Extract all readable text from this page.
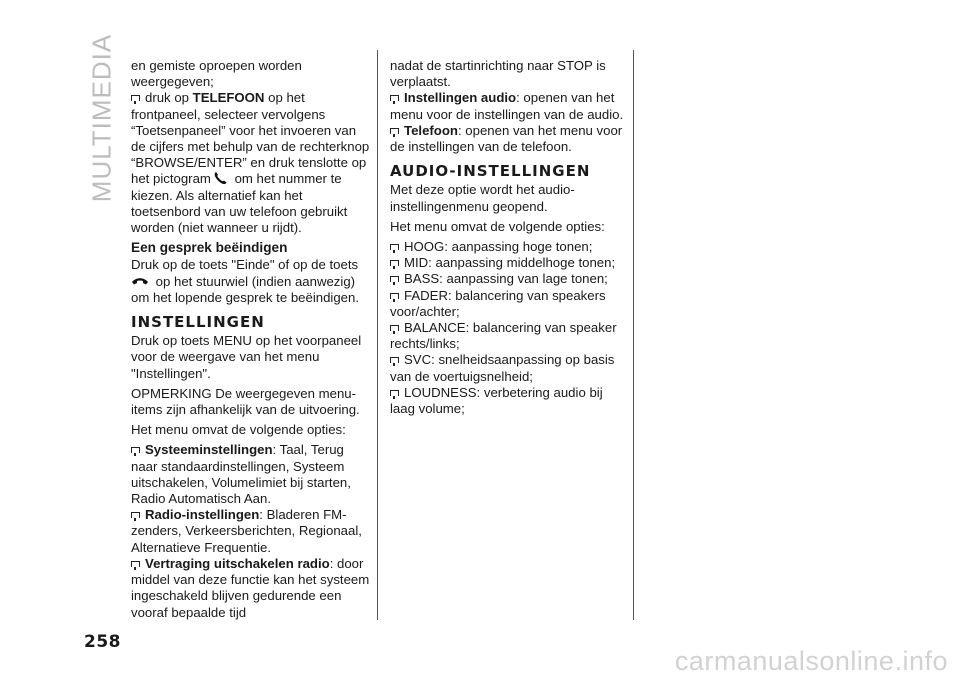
MULTIMEDIA en gemiste oproepen worden weergegeven;

druk op TELEFOON op het frontpaneel, selecteer vervolgens “Toetsenpaneel” voor het invoeren van de cijfers met behulp van de rechterknop “BROWSE/ENTER” en druk tenslotte op het pictogram om het nummer te kiezen. Als alternatief kan het toetsenbord van uw telefoon gebruikt worden (niet wanneer u rijdt).

Een gesprek beëindigen

Druk op de toets "Einde" of op de toets
op het stuurwiel (indien aanwezig) om het lopende gesprek te beëindigen.

INSTELLINGEN

Druk op toets MENU op het voorpaneel voor de weergave van het menu "Instellingen".

OPMERKING De weergegeven menu-items zijn afhankelijk van de uitvoering.

Het menu omvat de volgende opties:

Systeeminstellingen: Taal, Terug naar standaardinstellingen, Systeem uitschakelen, Volumelimiet bij starten, Radio Automatisch Aan.

Radio-instellingen: Bladeren FM-zenders, Verkeersberichten, Regionaal, Alternatieve Frequentie.

Vertraging uitschakelen radio: door middel van deze functie kan het systeem ingeschakeld blijven gedurende een vooraf bepaalde tijd

nadat de startinrichting naar STOP is verplaatst.

Instellingen audio: openen van het menu voor de instellingen van de audio.

Telefoon: openen van het menu voor de instellingen van de telefoon.

AUDIO-INSTELLINGEN

Met deze optie wordt het audio-instellingenmenu geopend.

Het menu omvat de volgende opties:

HOOG: aanpassing hoge tonen;

MID: aanpassing middelhoge tonen;

BASS: aanpassing van lage tonen;

FADER: balancering van speakers voor/achter;

BALANCE: balancering van speaker rechts/links;

SVC: snelheidsaanpassing op basis van de voertuigsnelheid;

LOUDNESS: verbetering audio bij laag volume;

258
carmanualsonline.info
